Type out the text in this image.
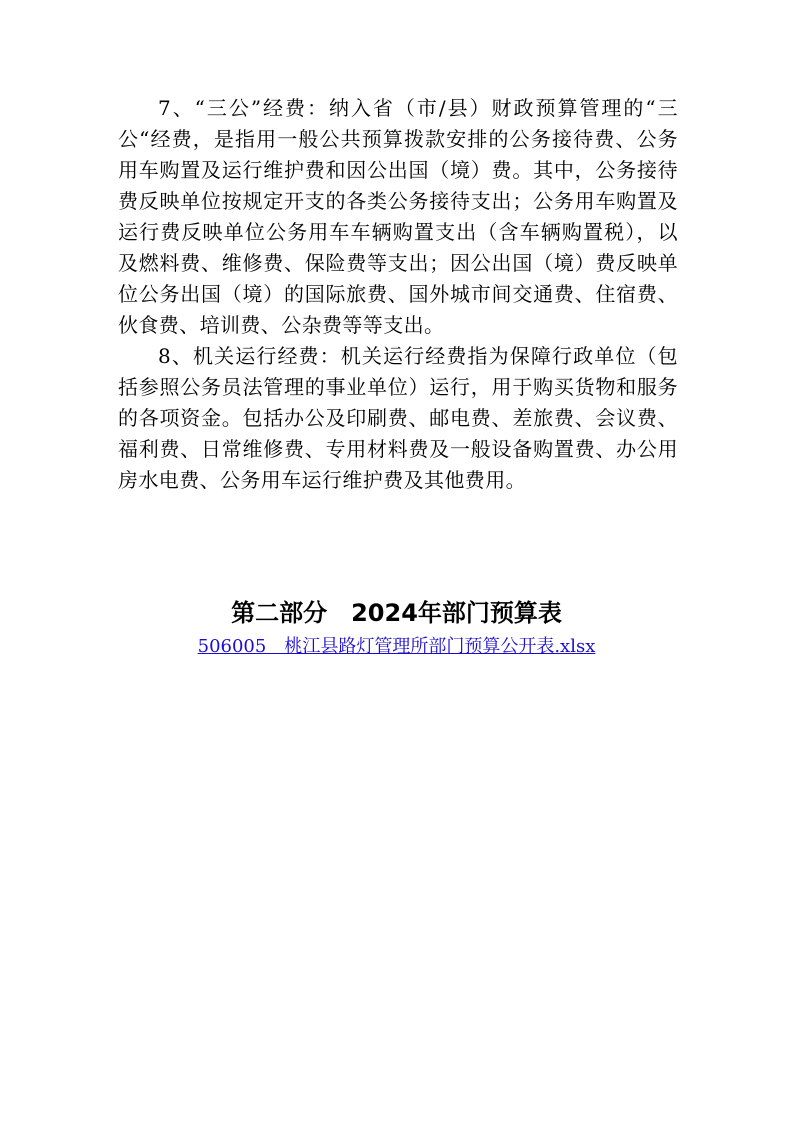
7、“三公”经费：纳入省（市/县）财政预算管理的“三公“经费，是指用一般公共预算拨款安排的公务接待费、公务用车购置及运行维护费和因公出国（境）费。其中，公务接待费反映单位按规定开支的各类公务接待支出；公务用车购置及运行费反映单位公务用车车辆购置支出（含车辆购置税），以及燃料费、维修费、保险费等支出；因公出国（境）费反映单位公务出国（境）的国际旅费、国外城市间交通费、住宿费、伙食费、培训费、公杂费等等支出。

8、机关运行经费：机关运行经费指为保障行政单位（包括参照公务员法管理的事业单位）运行，用于购买货物和服务的各项资金。包括办公及印刷费、邮电费、差旅费、会议费、福利费、日常维修费、专用材料费及一般设备购置费、办公用房水电费、公务用车运行维护费及其他费用。

第二部分　2024年部门预算表
506005　桃江县路灯管理所部门预算公开表.xlsx
